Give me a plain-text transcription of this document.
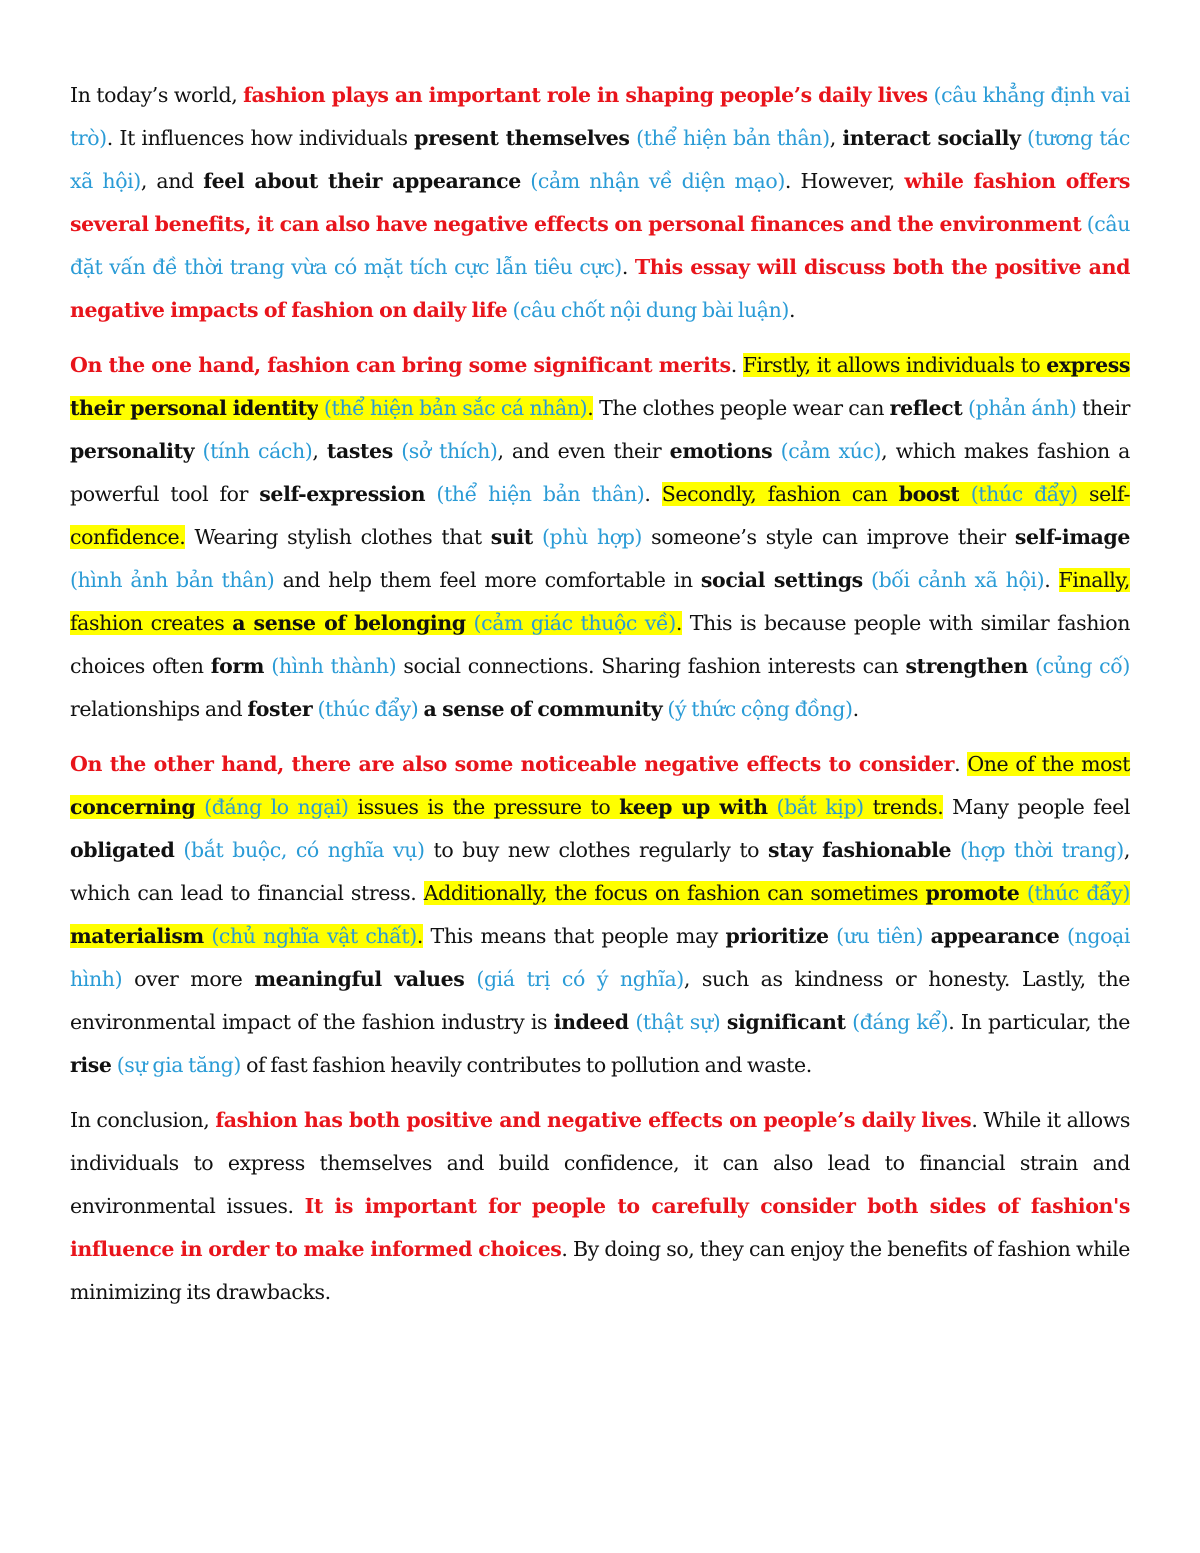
In today’s world, fashion plays an important role in shaping people’s daily lives (câu khẳng định vai trò). It influences how individuals present themselves (thể hiện bản thân), interact socially (tương tác xã hội), and feel about their appearance (cảm nhận về diện mạo). However, while fashion offers several benefits, it can also have negative effects on personal finances and the environment (câu đặt vấn đề thời trang vừa có mặt tích cực lẫn tiêu cực). This essay will discuss both the positive and negative impacts of fashion on daily life (câu chốt nội dung bài luận).

On the one hand, fashion can bring some significant merits. Firstly, it allows individuals to express their personal identity (thể hiện bản sắc cá nhân). The clothes people wear can reflect (phản ánh) their personality (tính cách), tastes (sở thích), and even their emotions (cảm xúc), which makes fashion a powerful tool for self-expression (thể hiện bản thân). Secondly, fashion can boost (thúc đẩy) self-confidence. Wearing stylish clothes that suit (phù hợp) someone’s style can improve their self-image (hình ảnh bản thân) and help them feel more comfortable in social settings (bối cảnh xã hội). Finally, fashion creates a sense of belonging (cảm giác thuộc về). This is because people with similar fashion choices often form (hình thành) social connections. Sharing fashion interests can strengthen (củng cố) relationships and foster (thúc đẩy) a sense of community (ý thức cộng đồng).

On the other hand, there are also some noticeable negative effects to consider. One of the most concerning (đáng lo ngại) issues is the pressure to keep up with (bắt kịp) trends. Many people feel obligated (bắt buộc, có nghĩa vụ) to buy new clothes regularly to stay fashionable (hợp thời trang), which can lead to financial stress. Additionally, the focus on fashion can sometimes promote (thúc đẩy) materialism (chủ nghĩa vật chất). This means that people may prioritize (ưu tiên) appearance (ngoại hình) over more meaningful values (giá trị có ý nghĩa), such as kindness or honesty. Lastly, the environmental impact of the fashion industry is indeed (thật sự) significant (đáng kể). In particular, the rise (sự gia tăng) of fast fashion heavily contributes to pollution and waste.

In conclusion, fashion has both positive and negative effects on people’s daily lives. While it allows individuals to express themselves and build confidence, it can also lead to financial strain and environmental issues. It is important for people to carefully consider both sides of fashion's influence in order to make informed choices. By doing so, they can enjoy the benefits of fashion while minimizing its drawbacks.
